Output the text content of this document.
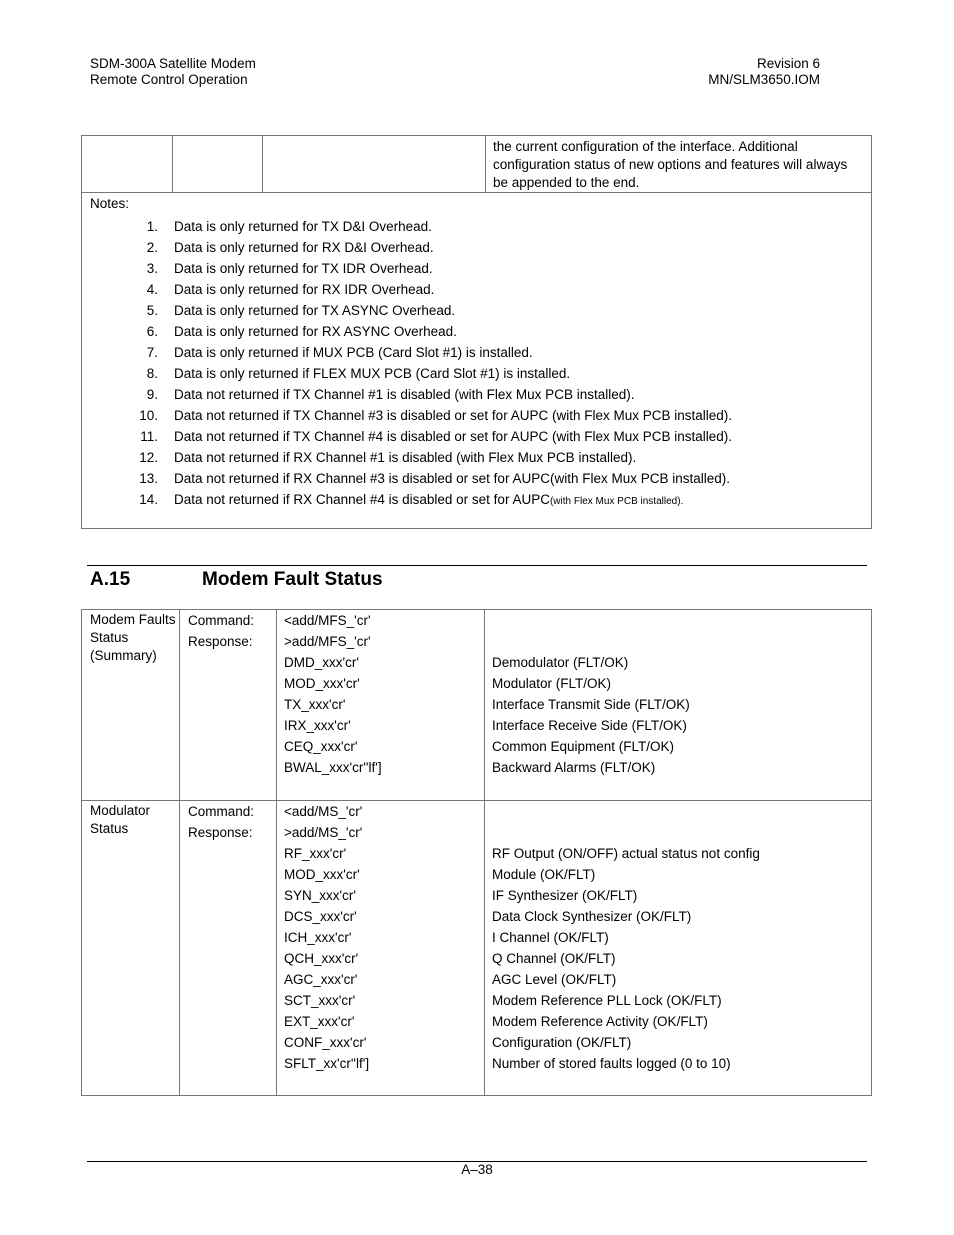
SDM-300A Satellite Modem
Remote Control Operation
Revision 6
MN/SLM3650.IOM
the current configuration of the interface. Additional configuration status of new options and features will always be appended to the end.
Notes:
1. Data is only returned for TX D&I Overhead.
2. Data is only returned for RX D&I Overhead.
3. Data is only returned for TX IDR Overhead.
4. Data is only returned for RX IDR Overhead.
5. Data is only returned for TX ASYNC Overhead.
6. Data is only returned for RX ASYNC Overhead.
7. Data is only returned if MUX PCB (Card Slot #1) is installed.
8. Data is only returned if FLEX MUX PCB (Card Slot #1) is installed.
9. Data not returned if TX Channel #1 is disabled (with Flex Mux PCB installed).
10. Data not returned if TX Channel #3 is disabled or set for AUPC (with Flex Mux PCB installed).
11. Data not returned if TX Channel #4 is disabled or set for AUPC (with Flex Mux PCB installed).
12. Data not returned if RX Channel #1 is disabled (with Flex Mux PCB installed).
13. Data not returned if RX Channel #3 is disabled or set for AUPC(with Flex Mux PCB installed).
14. Data not returned if RX Channel #4 is disabled or set for AUPC(with Flex Mux PCB installed).
A.15	Modem Fault Status
Modem Faults Status (Summary)
Command:
Response:
<add/MFS_'cr'
>add/MFS_'cr'
DMD_xxx'cr'	Demodulator (FLT/OK)
MOD_xxx'cr'	Modulator (FLT/OK)
TX_xxx'cr'	Interface Transmit Side (FLT/OK)
IRX_xxx'cr'	Interface Receive Side (FLT/OK)
CEQ_xxx'cr'	Common Equipment (FLT/OK)
BWAL_xxx'cr''lf']	Backward Alarms (FLT/OK)
Modulator Status
Command:
Response:
<add/MS_'cr'
>add/MS_'cr'
RF_xxx'cr'	RF Output (ON/OFF) actual status not config
MOD_xxx'cr'	Module (OK/FLT)
SYN_xxx'cr'	IF Synthesizer (OK/FLT)
DCS_xxx'cr'	Data Clock Synthesizer (OK/FLT)
ICH_xxx'cr'	I Channel (OK/FLT)
QCH_xxx'cr'	Q Channel (OK/FLT)
AGC_xxx'cr'	AGC Level (OK/FLT)
SCT_xxx'cr'	Modem Reference PLL Lock (OK/FLT)
EXT_xxx'cr'	Modem Reference Activity (OK/FLT)
CONF_xxx'cr'	Configuration (OK/FLT)
SFLT_xx'cr''lf']	Number of stored faults logged (0 to 10)
A–38
